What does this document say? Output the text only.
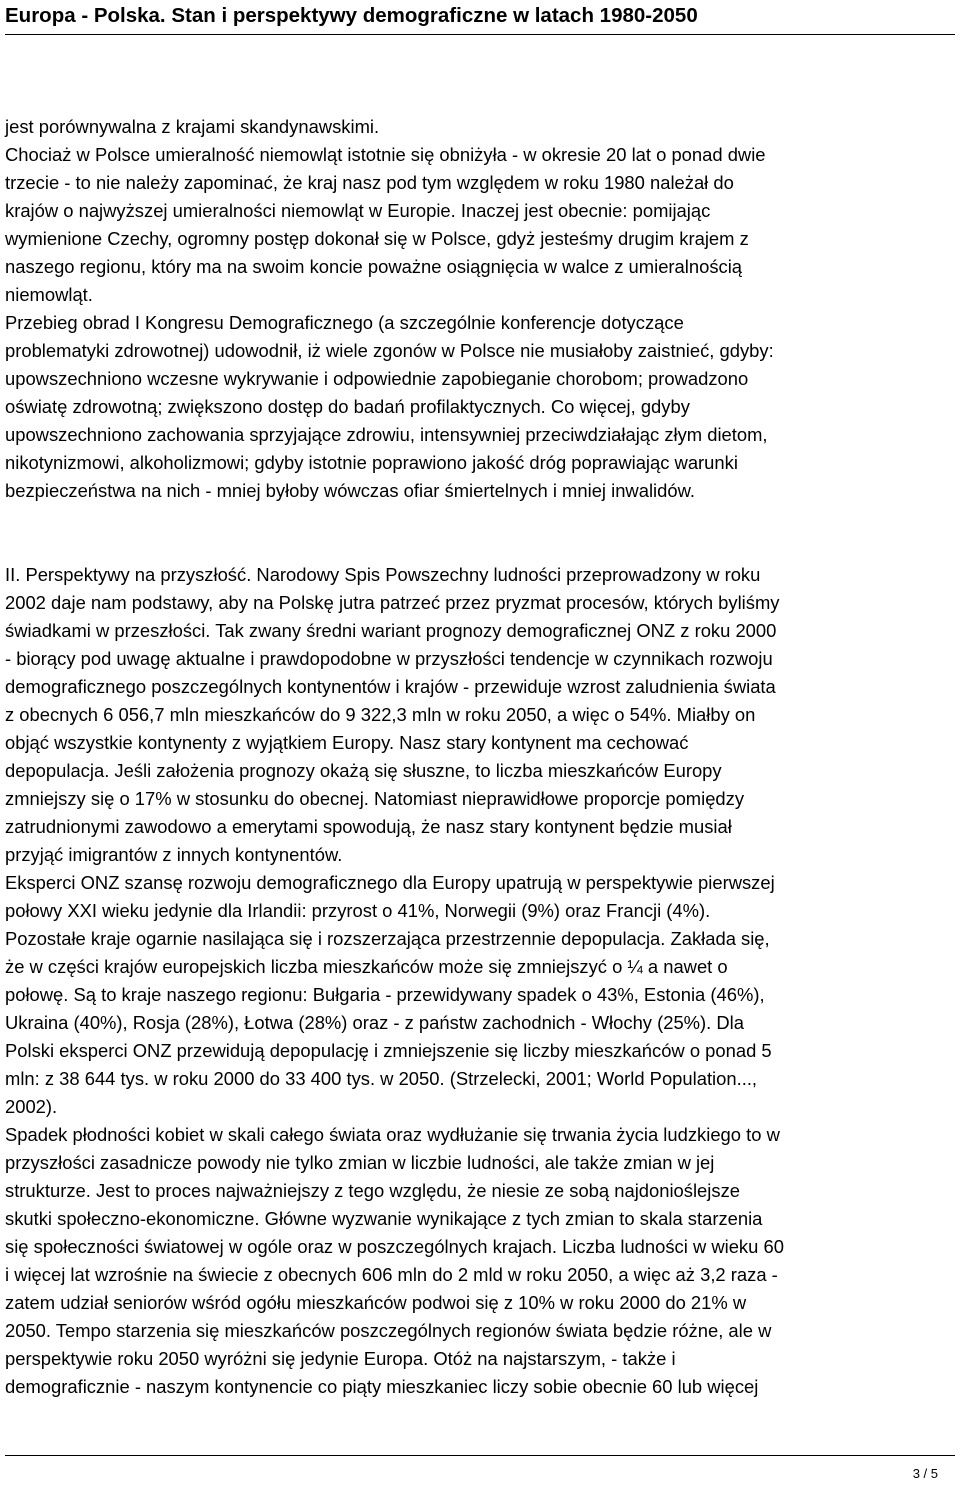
Europa - Polska. Stan i perspektywy demograficzne w latach 1980-2050
jest porównywalna z krajami skandynawskimi.
Chociaż w Polsce umieralność niemowląt istotnie się obniżyła - w okresie 20 lat o ponad dwie
trzecie - to nie należy zapominać, że kraj nasz pod tym względem w roku 1980 należał do
krajów o najwyższej umieralności niemowląt w Europie. Inaczej jest obecnie: pomijając
wymienione Czechy, ogromny postęp dokonał się w Polsce, gdyż jesteśmy drugim krajem z
naszego regionu, który ma na swoim koncie poważne osiągnięcia w walce z umieralnością
niemowląt.
Przebieg obrad I Kongresu Demograficznego (a szczególnie konferencje dotyczące
problematyki zdrowotnej) udowodnił, iż wiele zgonów w Polsce nie musiałoby zaistnieć, gdyby:
upowszechniono wczesne wykrywanie i odpowiednie zapobieganie chorobom; prowadzono
oświatę zdrowotną; zwiększono dostęp do badań profilaktycznych. Co więcej, gdyby
upowszechniono zachowania sprzyjające zdrowiu, intensywniej przeciwdziałając złym dietom,
nikotynizmowi, alkoholizmowi; gdyby istotnie poprawiono jakość dróg poprawiając warunki
bezpieczeństwa na nich - mniej byłoby wówczas ofiar śmiertelnych i mniej inwalidów.
II. Perspektywy na przyszłość. Narodowy Spis Powszechny ludności przeprowadzony w roku
2002 daje nam podstawy, aby na Polskę jutra patrzeć przez pryzmat procesów, których byliśmy
świadkami w przeszłości. Tak zwany średni wariant prognozy demograficznej ONZ z roku 2000
- biorący pod uwagę aktualne i prawdopodobne w przyszłości tendencje w czynnikach rozwoju
demograficznego poszczególnych kontynentów i krajów - przewiduje wzrost zaludnienia świata
z obecnych 6 056,7 mln mieszkańców do 9 322,3 mln w roku 2050, a więc o 54%. Miałby on
objąć wszystkie kontynenty z wyjątkiem Europy. Nasz stary kontynent ma cechować
depopulacja. Jeśli założenia prognozy okażą się słuszne, to liczba mieszkańców Europy
zmniejszy się o 17% w stosunku do obecnej. Natomiast nieprawidłowe proporcje pomiędzy
zatrudnionymi zawodowo a emerytami spowodują, że nasz stary kontynent będzie musiał
przyjąć imigrantów z innych kontynentów.
Eksperci ONZ szansę rozwoju demograficznego dla Europy upatrują w perspektywie pierwszej
połowy XXI wieku jedynie dla Irlandii: przyrost o 41%, Norwegii (9%) oraz Francji (4%).
Pozostałe kraje ogarnie nasilająca się i rozszerzająca przestrzennie depopulacja. Zakłada się,
że w części krajów europejskich liczba mieszkańców może się zmniejszyć o ¼ a nawet o
połowę. Są to kraje naszego regionu: Bułgaria - przewidywany spadek o 43%, Estonia (46%),
Ukraina (40%), Rosja (28%), Łotwa (28%) oraz - z państw zachodnich - Włochy (25%). Dla
Polski eksperci ONZ przewidują depopulację i zmniejszenie się liczby mieszkańców o ponad 5
mln: z 38 644 tys. w roku 2000 do 33 400 tys. w 2050. (Strzelecki, 2001; World Population...,
2002).
Spadek płodności kobiet w skali całego świata oraz wydłużanie się trwania życia ludzkiego to w
przyszłości zasadnicze powody nie tylko zmian w liczbie ludności, ale także zmian w jej
strukturze. Jest to proces najważniejszy z tego względu, że niesie ze sobą najdonioślejsze
skutki społeczno-ekonomiczne. Główne wyzwanie wynikające z tych zmian to skala starzenia
się społeczności światowej w ogóle oraz w poszczególnych krajach. Liczba ludności w wieku 60
i więcej lat wzrośnie na świecie z obecnych 606 mln do 2 mld w roku 2050, a więc aż 3,2 raza -
zatem udział seniorów wśród ogółu mieszkańców podwoi się z 10% w roku 2000 do 21% w
2050. Tempo starzenia się mieszkańców poszczególnych regionów świata będzie różne, ale w
perspektywie roku 2050 wyróżni się jedynie Europa. Otóż na najstarszym, - także i
demograficznie - naszym kontynencie co piąty mieszkaniec liczy sobie obecnie 60 lub więcej
3 / 5
